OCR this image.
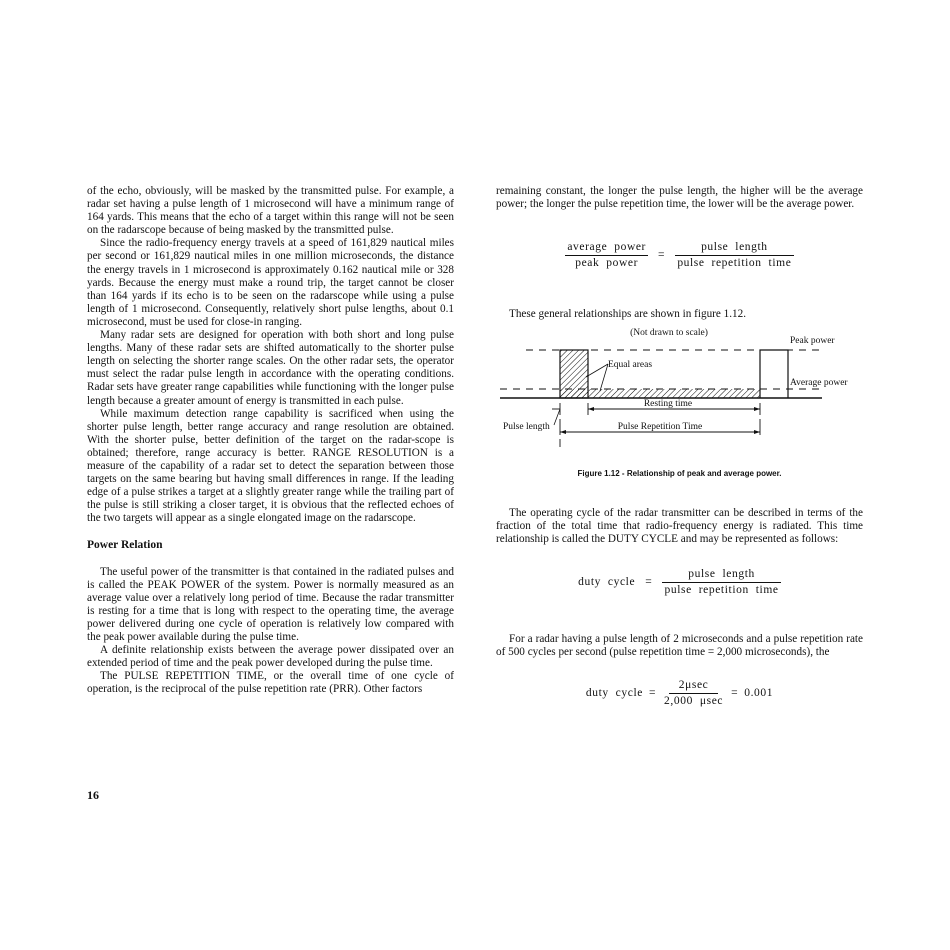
of the echo, obviously, will be masked by the transmitted pulse. For example, a radar set having a pulse length of 1 microsecond will have a minimum range of 164 yards. This means that the echo of a target within this range will not be seen on the radarscope because of being masked by the transmitted pulse.

Since the radio-frequency energy travels at a speed of 161,829 nautical miles per second or 161,829 nautical miles in one million microseconds, the distance the energy travels in 1 microsecond is approximately 0.162 nautical mile or 328 yards. Because the energy must make a round trip, the target cannot be closer than 164 yards if its echo is to be seen on the radarscope while using a pulse length of 1 microsecond. Consequently, relatively short pulse lengths, about 0.1 microsecond, must be used for close-in ranging.

Many radar sets are designed for operation with both short and long pulse lengths. Many of these radar sets are shifted automatically to the shorter pulse length on selecting the shorter range scales. On the other radar sets, the operator must select the radar pulse length in accordance with the operating conditions. Radar sets have greater range capabilities while functioning with the longer pulse length because a greater amount of energy is transmitted in each pulse.

While maximum detection range capability is sacrificed when using the shorter pulse length, better range accuracy and range resolution are obtained. With the shorter pulse, better definition of the target on the radar-scope is obtained; therefore, range accuracy is better. RANGE RESOLUTION is a measure of the capability of a radar set to detect the separation between those targets on the same bearing but having small differences in range. If the leading edge of a pulse strikes a target at a slightly greater range while the trailing part of the pulse is still striking a closer target, it is obvious that the reflected echoes of the two targets will appear as a single elongated image on the radarscope.

Power Relation

The useful power of the transmitter is that contained in the radiated pulses and is called the PEAK POWER of the system. Power is normally measured as an average value over a relatively long period of time. Because the radar transmitter is resting for a time that is long with respect to the operating time, the average power delivered during one cycle of operation is relatively low compared with the peak power available during the pulse time.

A definite relationship exists between the average power dissipated over an extended period of time and the peak power developed during the pulse time.

The PULSE REPETITION TIME, or the overall time of one cycle of operation, is the reciprocal of the pulse repetition rate (PRR). Other factors

remaining constant, the longer the pulse length, the higher will be the average power; the longer the pulse repetition time, the lower will be the average power.

$\frac{\text{average  power}}{\text{peak  power}} = \frac{\text{pulse  length}}{\text{pulse  repetition  time}}$

These general relationships are shown in figure 1.12.

(Not drawn to scale)
Equal areas
Peak power
Average power
Resting time
Pulse length	Pulse Repetition Time
Figure 1.12 - Relationship of peak and average power.

The operating cycle of the radar transmitter can be described in terms of the fraction of the total time that radio-frequency energy is radiated. This time relationship is called the DUTY CYCLE and may be represented as follows:

duty  cycle = $\frac{\text{pulse  length}}{\text{pulse  repetition  time}}$

For a radar having a pulse length of 2 microseconds and a pulse repetition rate of 500 cycles per second (pulse repetition time = 2,000 microseconds), the

duty  cycle = $\frac{2\mu\sec}{2,000 \mu\sec} = 0.001$
16
